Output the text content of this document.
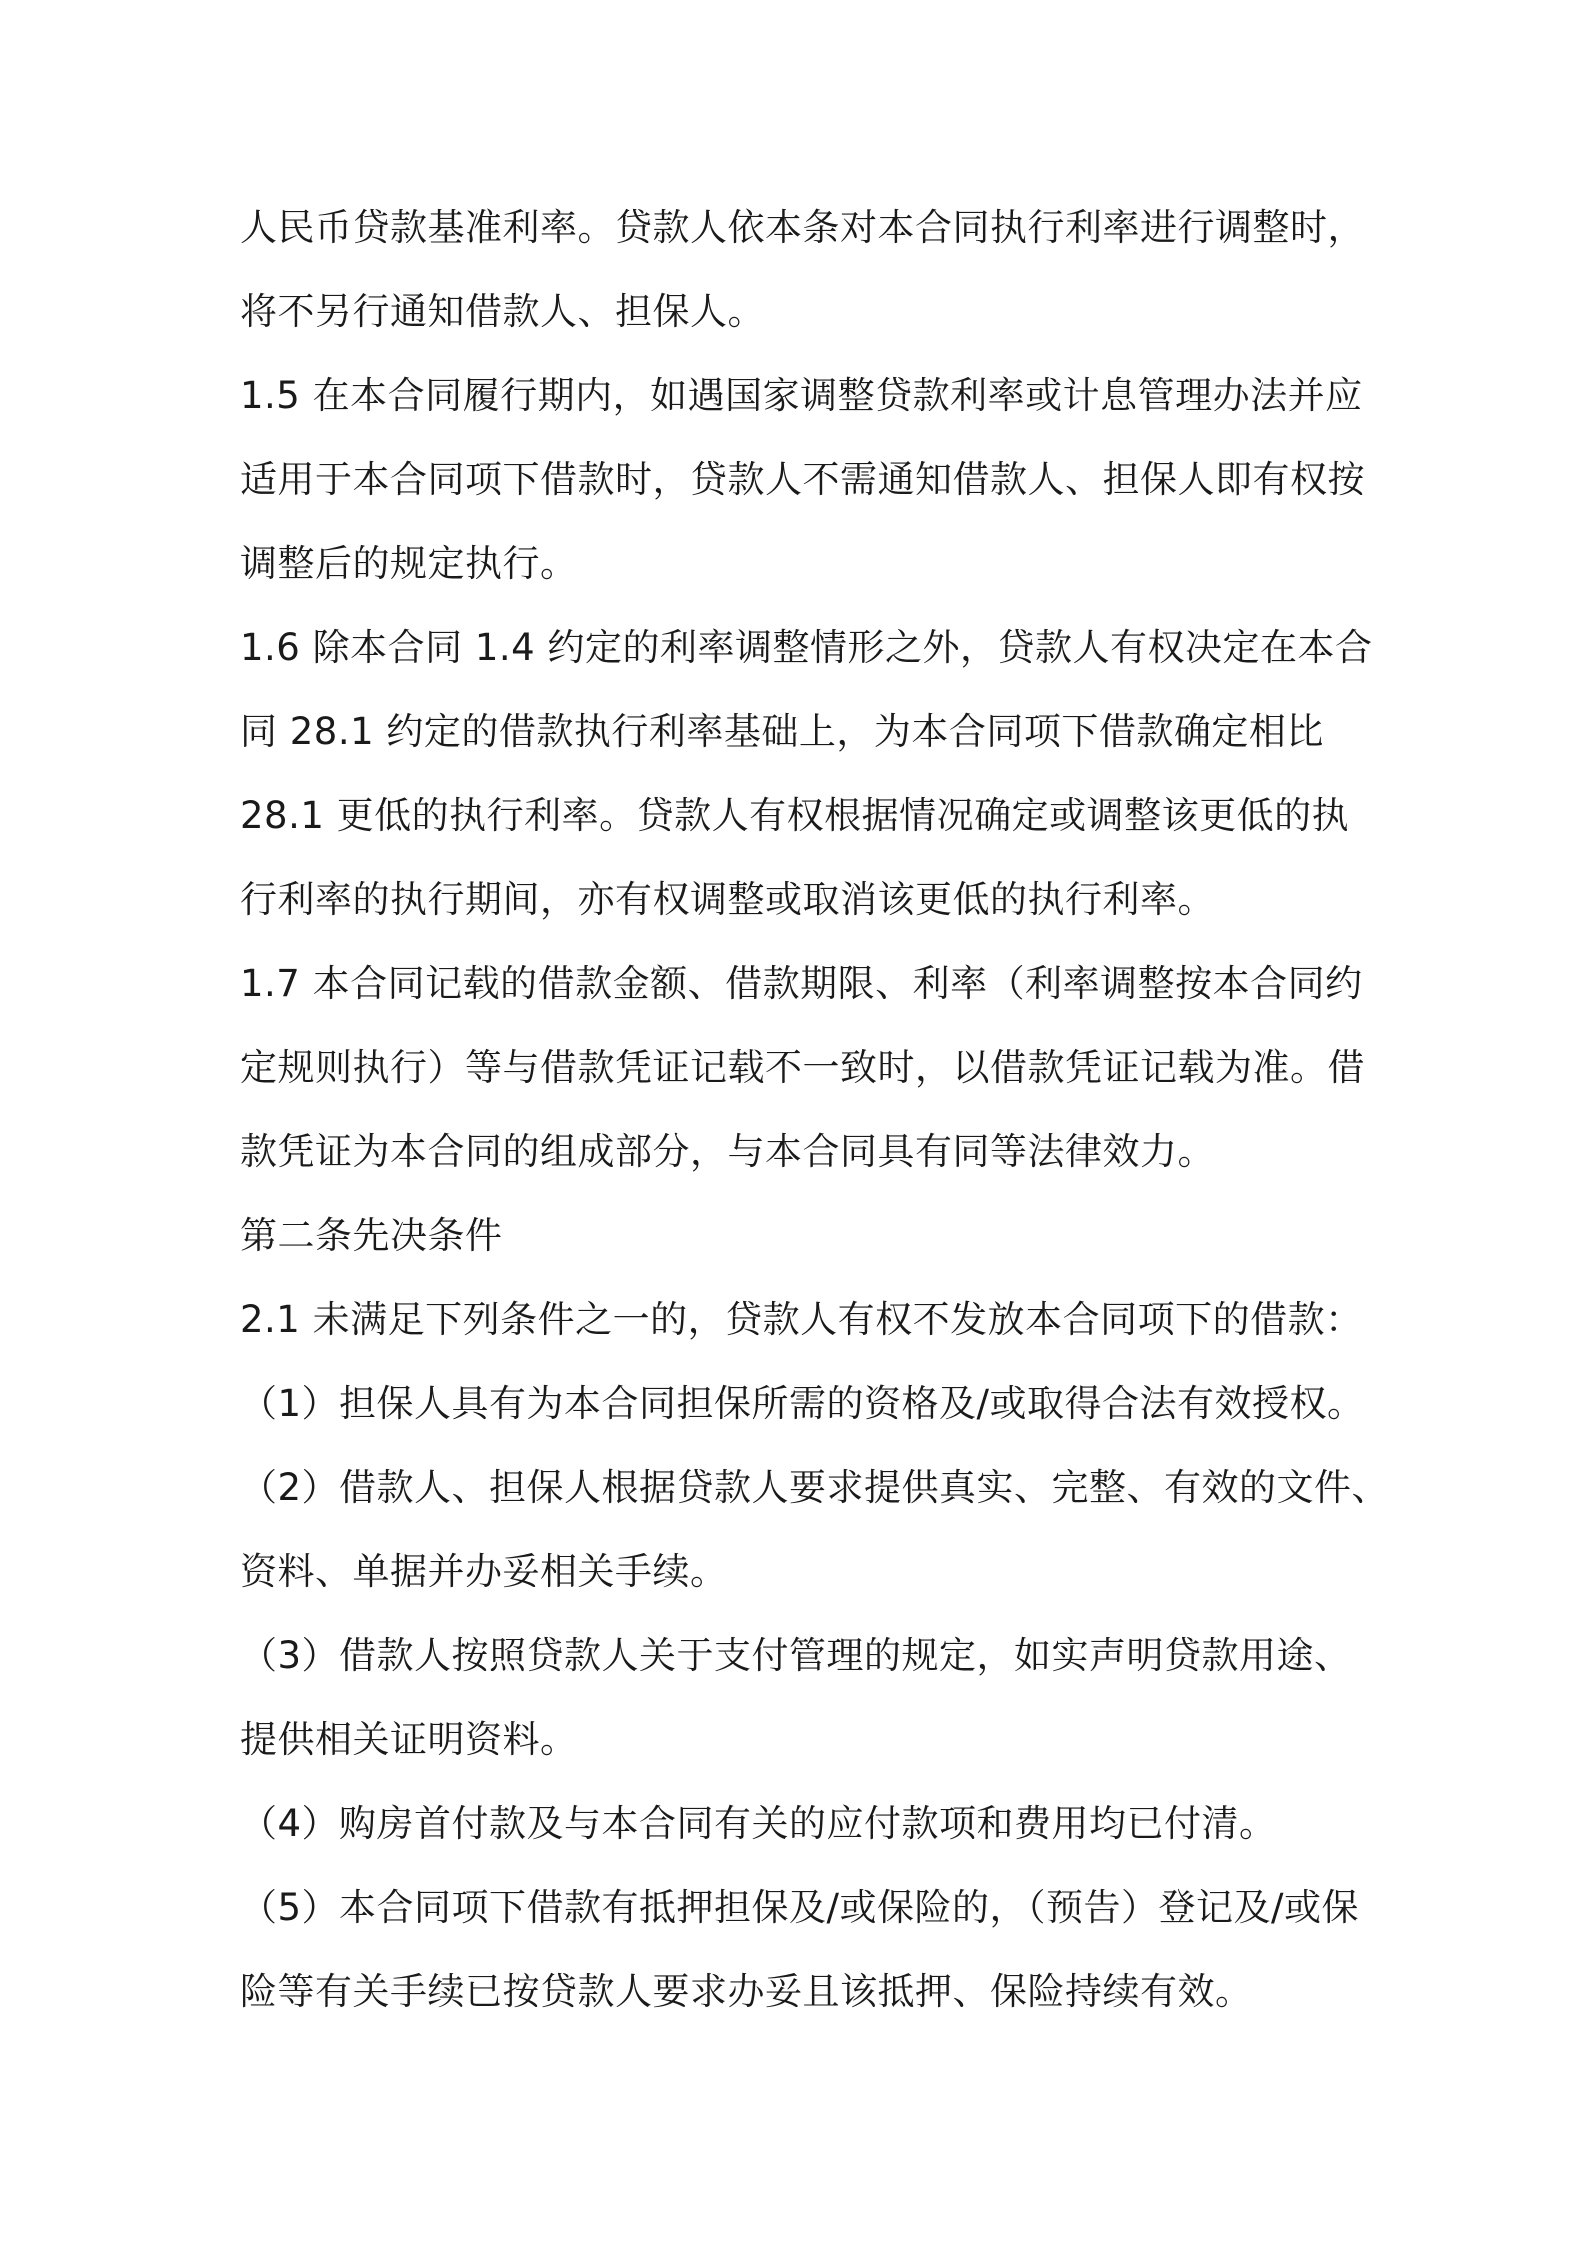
人民币贷款基准利率。贷款人依本条对本合同执行利率进行调整时，
将不另行通知借款人、担保人。
1.5 在本合同履行期内，如遇国家调整贷款利率或计息管理办法并应
适用于本合同项下借款时，贷款人不需通知借款人、担保人即有权按
调整后的规定执行。
1.6 除本合同 1.4 约定的利率调整情形之外，贷款人有权决定在本合
同 28.1 约定的借款执行利率基础上，为本合同项下借款确定相比
28.1 更低的执行利率。贷款人有权根据情况确定或调整该更低的执
行利率的执行期间，亦有权调整或取消该更低的执行利率。
1.7 本合同记载的借款金额、借款期限、利率（利率调整按本合同约
定规则执行）等与借款凭证记载不一致时，以借款凭证记载为准。借
款凭证为本合同的组成部分，与本合同具有同等法律效力。
第二条先决条件
2.1 未满足下列条件之一的，贷款人有权不发放本合同项下的借款：
（1）担保人具有为本合同担保所需的资格及/或取得合法有效授权。
（2）借款人、担保人根据贷款人要求提供真实、完整、有效的文件、
资料、单据并办妥相关手续。
（3）借款人按照贷款人关于支付管理的规定，如实声明贷款用途、
提供相关证明资料。
（4）购房首付款及与本合同有关的应付款项和费用均已付清。
（5）本合同项下借款有抵押担保及/或保险的，（预告）登记及/或保
险等有关手续已按贷款人要求办妥且该抵押、保险持续有效。
